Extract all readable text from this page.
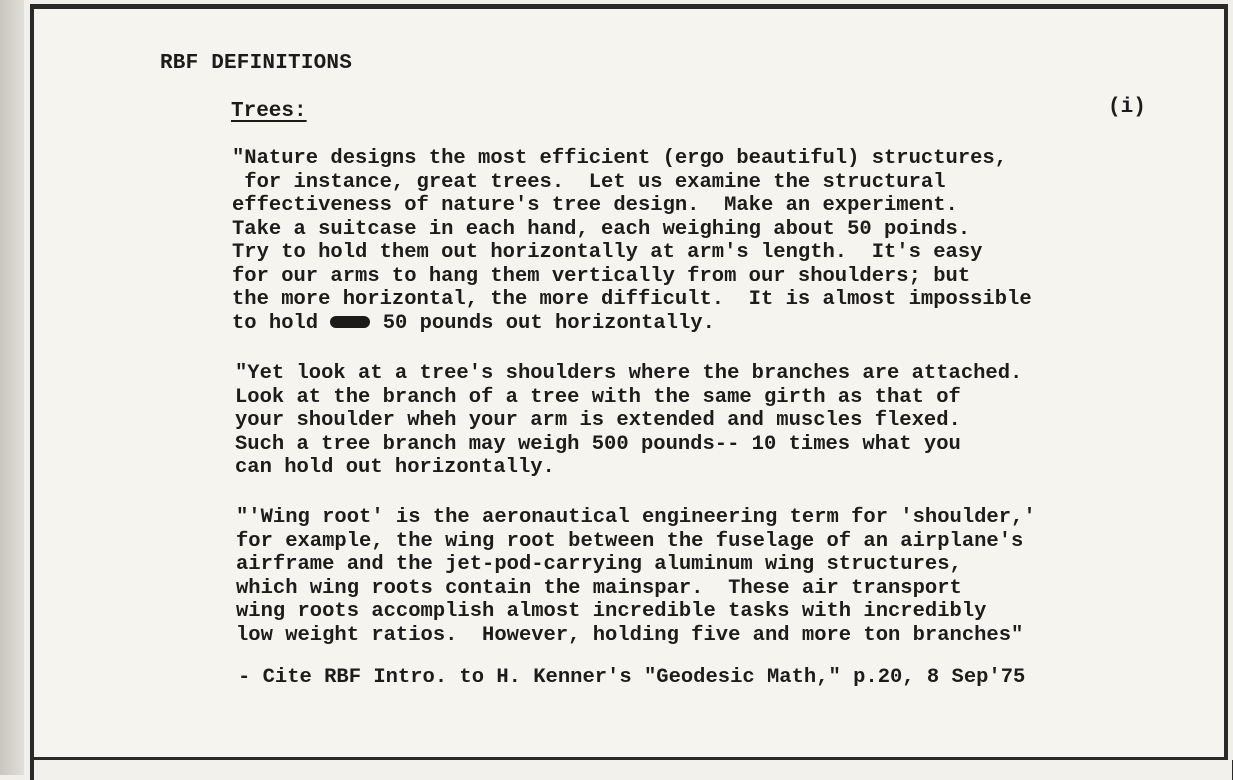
RBF DEFINITIONS
Trees:	(i)
"Nature designs the most efficient (ergo beautiful) structures,
for instance, great trees.  Let us examine the structural
effectiveness of nature's tree design.  Make an experiment.
Take a suitcase in each hand, each weighing about 50 poinds.
Try to hold them out horizontally at arm's length.  It's easy
for our arms to hang them vertically from our shoulders; but
the more horizontal, the more difficult.  It is almost impossible
to hold  50 pounds out horizontally.
"Yet look at a tree's shoulders where the branches are attached.
Look at the branch of a tree with the same girth as that of
your shoulder wheh your arm is extended and muscles flexed.
Such a tree branch may weigh 500 pounds-- 10 times what you
can hold out horizontally.
"'Wing root' is the aeronautical engineering term for 'shoulder,'
for example, the wing root between the fuselage of an airplane's
airframe and the jet-pod-carrying aluminum wing structures,
which wing roots contain the mainspar.  These air transport
wing roots accomplish almost incredible tasks with incredibly
low weight ratios.  However, holding five and more ton branches"
- Cite RBF Intro. to H. Kenner's "Geodesic Math," p.20, 8 Sep'75
